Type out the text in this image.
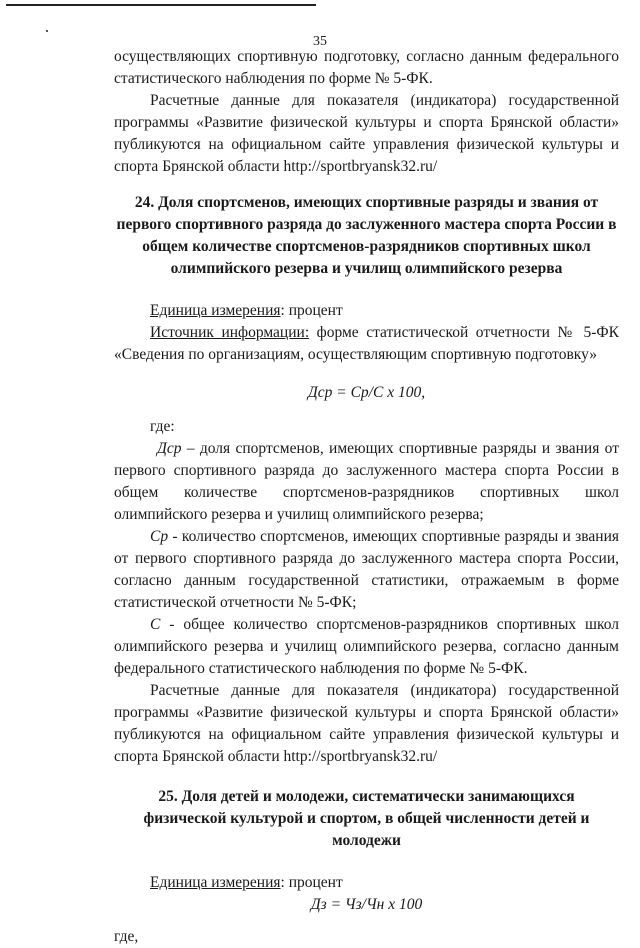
35

осуществляющих спортивную подготовку, согласно данным федерального статистического наблюдения по форме № 5-ФК.

Расчетные данные для показателя (индикатора) государственной программы «Развитие физической культуры и спорта Брянской области» публикуются на официальном сайте управления физической культуры и спорта Брянской области http://sportbryansk32.ru/

24. Доля спортсменов, имеющих спортивные разряды и звания от первого спортивного разряда до заслуженного мастера спорта России в общем количестве спортсменов-разрядников спортивных школ олимпийского резерва и училищ олимпийского резерва

Единица измерения: процент

Источник информации: форме статистической отчетности № 5-ФК «Сведения по организациям, осуществляющим спортивную подготовку»

Дср = Ср/С х 100,

где:

Дср – доля спортсменов, имеющих спортивные разряды и звания от первого спортивного разряда до заслуженного мастера спорта России в общем количестве спортсменов-разрядников спортивных школ олимпийского резерва и училищ олимпийского резерва;

Ср - количество спортсменов, имеющих спортивные разряды и звания от первого спортивного разряда до заслуженного мастера спорта России, согласно данным государственной статистики, отражаемым в форме статистической отчетности № 5-ФК;

С - общее количество спортсменов-разрядников спортивных школ олимпийского резерва и училищ олимпийского резерва, согласно данным федерального статистического наблюдения по форме № 5-ФК.

Расчетные данные для показателя (индикатора) государственной программы «Развитие физической культуры и спорта Брянской области» публикуются на официальном сайте управления физической культуры и спорта Брянской области http://sportbryansk32.ru/

25. Доля детей и молодежи, систематически занимающихся физической культурой и спортом, в общей численности детей и молодежи

Единица измерения: процент

Дз = Чз/Чн х 100

где,
